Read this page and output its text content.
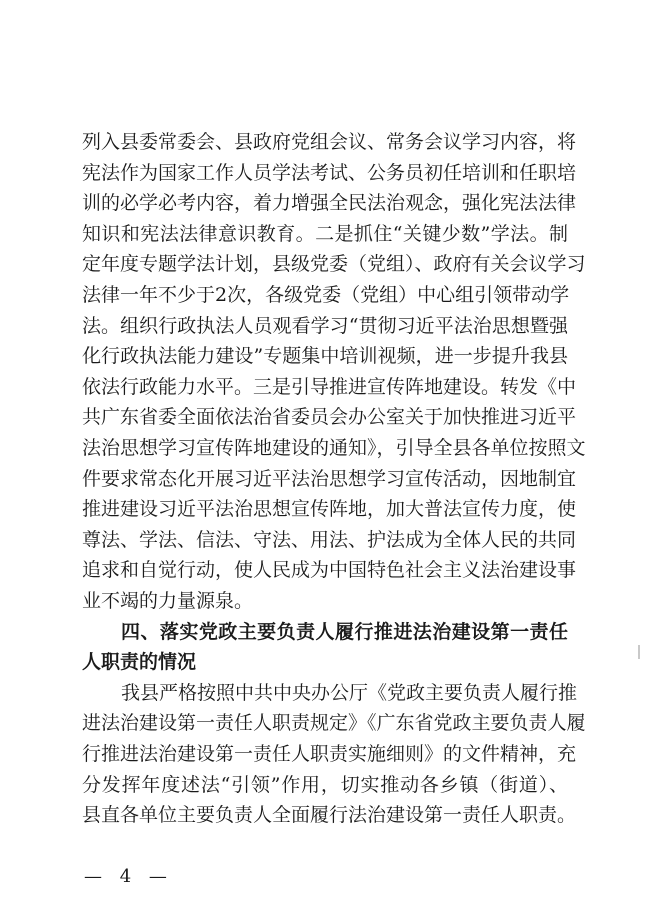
列入县委常委会、县政府党组会议、常务会议学习内容，将
宪法作为国家工作人员学法考试、公务员初任培训和任职培
训的必学必考内容，着力增强全民法治观念，强化宪法法律
知识和宪法法律意识教育。二是抓住“关键少数”学法。制
定年度专题学法计划，县级党委（党组）、政府有关会议学习
法律一年不少于2次，各级党委（党组）中心组引领带动学
法。组织行政执法人员观看学习“贯彻习近平法治思想暨强
化行政执法能力建设”专题集中培训视频，进一步提升我县
依法行政能力水平。三是引导推进宣传阵地建设。转发《中
共广东省委全面依法治省委员会办公室关于加快推进习近平
法治思想学习宣传阵地建设的通知》，引导全县各单位按照文
件要求常态化开展习近平法治思想学习宣传活动，因地制宜
推进建设习近平法治思想宣传阵地，加大普法宣传力度，使
尊法、学法、信法、守法、用法、护法成为全体人民的共同
追求和自觉行动，使人民成为中国特色社会主义法治建设事
业不竭的力量源泉。
四、落实党政主要负责人履行推进法治建设第一责任
人职责的情况
我县严格按照中共中央办公厅《党政主要负责人履行推
进法治建设第一责任人职责规定》《广东省党政主要负责人履
行推进法治建设第一责任人职责实施细则》的文件精神，充
分发挥年度述法“引领”作用，切实推动各乡镇（街道）、
县直各单位主要负责人全面履行法治建设第一责任人职责。
— 4 —
